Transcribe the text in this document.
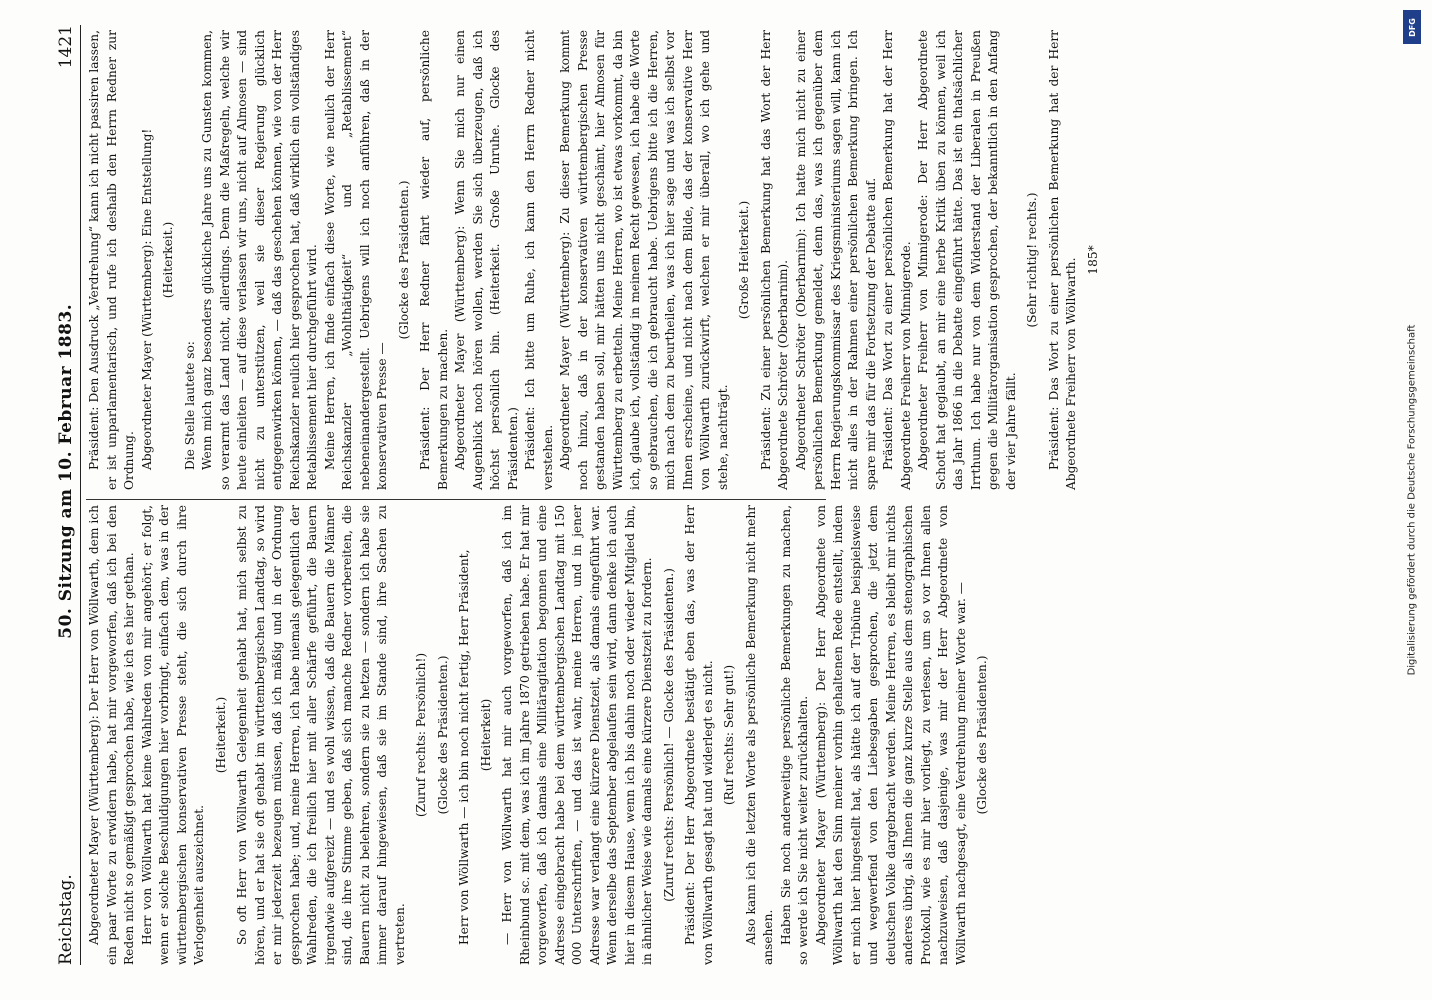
Reichstag.
50. Sitzung am 10. Februar 1883.
1421

Abgeordneter Mayer (Württemberg): Der Herr von Wöllwarth, dem ich ein paar Worte zu erwidern habe, hat mir vorgeworfen, daß ich bei den Reden nicht so gemäßigt gesprochen habe, wie ich es hier gethan. Herr von Wöllwarth hat keine Wahlreden von mir angehört; er folgt, wenn er solche Beschuldigungen hier vorbringt, einfach dem, was in der württembergischen konservativen Presse steht, die sich durch ihre Verlogenheit auszeichnet.

(Heiterkeit.) So oft Herr von Wöllwarth Gelegenheit gehabt hat, mich selbst zu hören, und er hat sie oft gehabt im württembergischen Landtag, so wird er mir jederzeit bezeugen müssen, daß ich mäßig und in der Ordnung gesprochen habe; und, meine Herren, ich habe niemals gelegentlich der Wahlreden, die ich freilich hier mit aller Schärfe geführt, die Bauern irgendwie aufgereizt — und es wohl wissen, daß die Bauern die Männer sind, die ihre Stimme geben, daß sich manche Redner vorbereiten, die Bauern nicht zu belehren, sondern sie zu hetzen — sondern ich habe sie immer darauf hingewiesen, daß sie im Stande sind, ihre Sachen zu vertreten.

(Zuruf rechts: Persönlich!) (Glocke des Präsidenten.) Herr von Wöllwarth — ich bin noch nicht fertig, Herr Präsident, (Heiterkeit) — Herr von Wöllwarth hat mir auch vorgeworfen, daß ich im Rheinbund sc. mit dem, was ich im Jahre 1870 getrieben habe. Er hat mir vorgeworfen, daß ich damals eine Militäragitation begonnen und eine Adresse eingebracht habe bei dem württembergischen Landtag mit 150 000 Unterschriften, — und das ist wahr, meine Herren, und in jener Adresse war verlangt eine kürzere Dienstzeit, als damals eingeführt war. Wenn derselbe das September abgelaufen sein wird, dann denke ich auch hier in diesem Hause, wenn ich bis dahin noch oder wieder Mitglied bin, in ähnlicher Weise wie damals eine kürzere Dienstzeit zu fordern. (Zuruf rechts: Persönlich! — Glocke des Präsidenten.) Präsident: Der Herr Abgeordnete bestätigt eben das, was der Herr von Wöllwarth gesagt hat und widerlegt es nicht. (Ruf rechts: Sehr gut!) Also kann ich die letzten Worte als persönliche Bemerkung nicht mehr ansehen. Haben Sie noch anderweitige persönliche Bemerkungen zu machen, so werde ich Sie nicht weiter zurückhalten. Abgeordneter Mayer (Württemberg): Der Herr Abgeordnete von Wöllwarth hat den Sinn meiner vorhin gehaltenen Rede entstellt, indem er mich hier hingestellt hat, als hätte ich auf der Tribüne beispielsweise und wegwerfend von den Liebesgaben gesprochen, die jetzt dem deutschen Volke dargebracht werden. Meine Herren, es bleibt mir nichts anderes übrig, als Ihnen die ganz kurze Stelle aus dem stenographischen Protokoll, wie es mir hier vorliegt, zu verlesen, um so vor Ihnen allen nachzuweisen, daß dasjenige, was mir der Herr Abgeordnete von Wöllwarth nachgesagt, eine Verdrehung meiner Worte war. — (Glocke des Präsidenten.)

Präsident: Den Ausdruck „Verdrehung“ kann ich nicht passiren lassen, er ist unparlamentarisch, und rufe ich deshalb den Herrn Redner zur Ordnung. Abgeordneter Mayer (Württemberg): Eine Entstellung! (Heiterkeit.)

Die Stelle lautete so: Wenn mich ganz besonders glückliche Jahre uns zu Gunsten kommen, so verarmt das Land nicht, allerdings. Denn die Maßregeln, welche wir heute einleiten — auf diese verlassen wir uns, nicht auf Almosen — sind nicht zu unterstützen, weil sie dieser Regierung glücklich entgegenwirken können, — daß das geschehen können, wie von der Herr Reichskanzler neulich hier gesprochen hat, daß wirklich ein vollständiges Retablissement hier durchgeführt wird. Meine Herren, ich finde einfach diese Worte, wie neulich der Herr Reichskanzler „Wohlthätigkeit“ und „Retablissement“ nebeneinandergestellt. Uebrigens will ich noch anführen, daß in der konservativen Presse —

(Glocke des Präsidenten.) Präsident: Der Herr Redner fährt wieder auf, persönliche Bemerkungen zu machen. Abgeordneter Mayer (Württemberg): Wenn Sie mich nur einen Augenblick noch hören wollen, werden Sie sich überzeugen, daß ich höchst persönlich bin. (Heiterkeit. Große Unruhe. Glocke des Präsidenten.) Präsident: Ich bitte um Ruhe, ich kann den Herrn Redner nicht verstehen. Abgeordneter Mayer (Württemberg): Zu dieser Bemerkung kommt noch hinzu, daß in der konservativen württembergischen Presse gestanden haben soll, mir hätten uns nicht geschämt, hier Almosen für Württemberg zu erbetteln. Meine Herren, wo ist etwas vorkommt, da bin ich, glaube ich, vollständig in meinem Recht gewesen, ich habe die Worte so gebrauchen, die ich gebraucht habe. Uebrigens bitte ich die Herren, mich nach dem zu beurtheilen, was ich hier sage und was ich selbst vor Ihnen erscheine, und nicht nach dem Bilde, das der konservative Herr von Wöllwarth zurückwirft, welchen er mir überall, wo ich gehe und stehe, nachträgt.

(Große Heiterkeit.) Präsident: Zu einer persönlichen Bemerkung hat das Wort der Herr Abgeordnete Schröter (Oberbarnim). Abgeordneter Schröter (Oberbarnim): Ich hatte mich nicht zu einer persönlichen Bemerkung gemeldet, denn das, was ich gegenüber dem Herrn Regierungskommissar des Kriegsministeriums sagen will, kann ich nicht alles in der Rahmen einer persönlichen Bemerkung bringen. Ich spare mir das für die Fortsetzung der Debatte auf. Präsident: Das Wort zu einer persönlichen Bemerkung hat der Herr Abgeordnete Freiherr von Minnigerode. Abgeordneter Freiherr von Minnigerode: Der Herr Abgeordnete Schott hat geglaubt, an mir eine herbe Kritik üben zu können, weil ich das Jahr 1866 in die Debatte eingeführt hätte. Das ist ein thatsächlicher Irrthum. Ich habe nur von dem Widerstand der Liberalen in Preußen gegen die Militärorganisation gesprochen, der bekanntlich in den Anfang der vier Jahre fällt.

(Sehr richtig! rechts.) Präsident: Das Wort zu einer persönlichen Bemerkung hat der Herr Abgeordnete Freiherr von Wöllwarth. 185*

DFG
Digitalisierung gefördert durch die Deutsche Forschungsgemeinschaft
